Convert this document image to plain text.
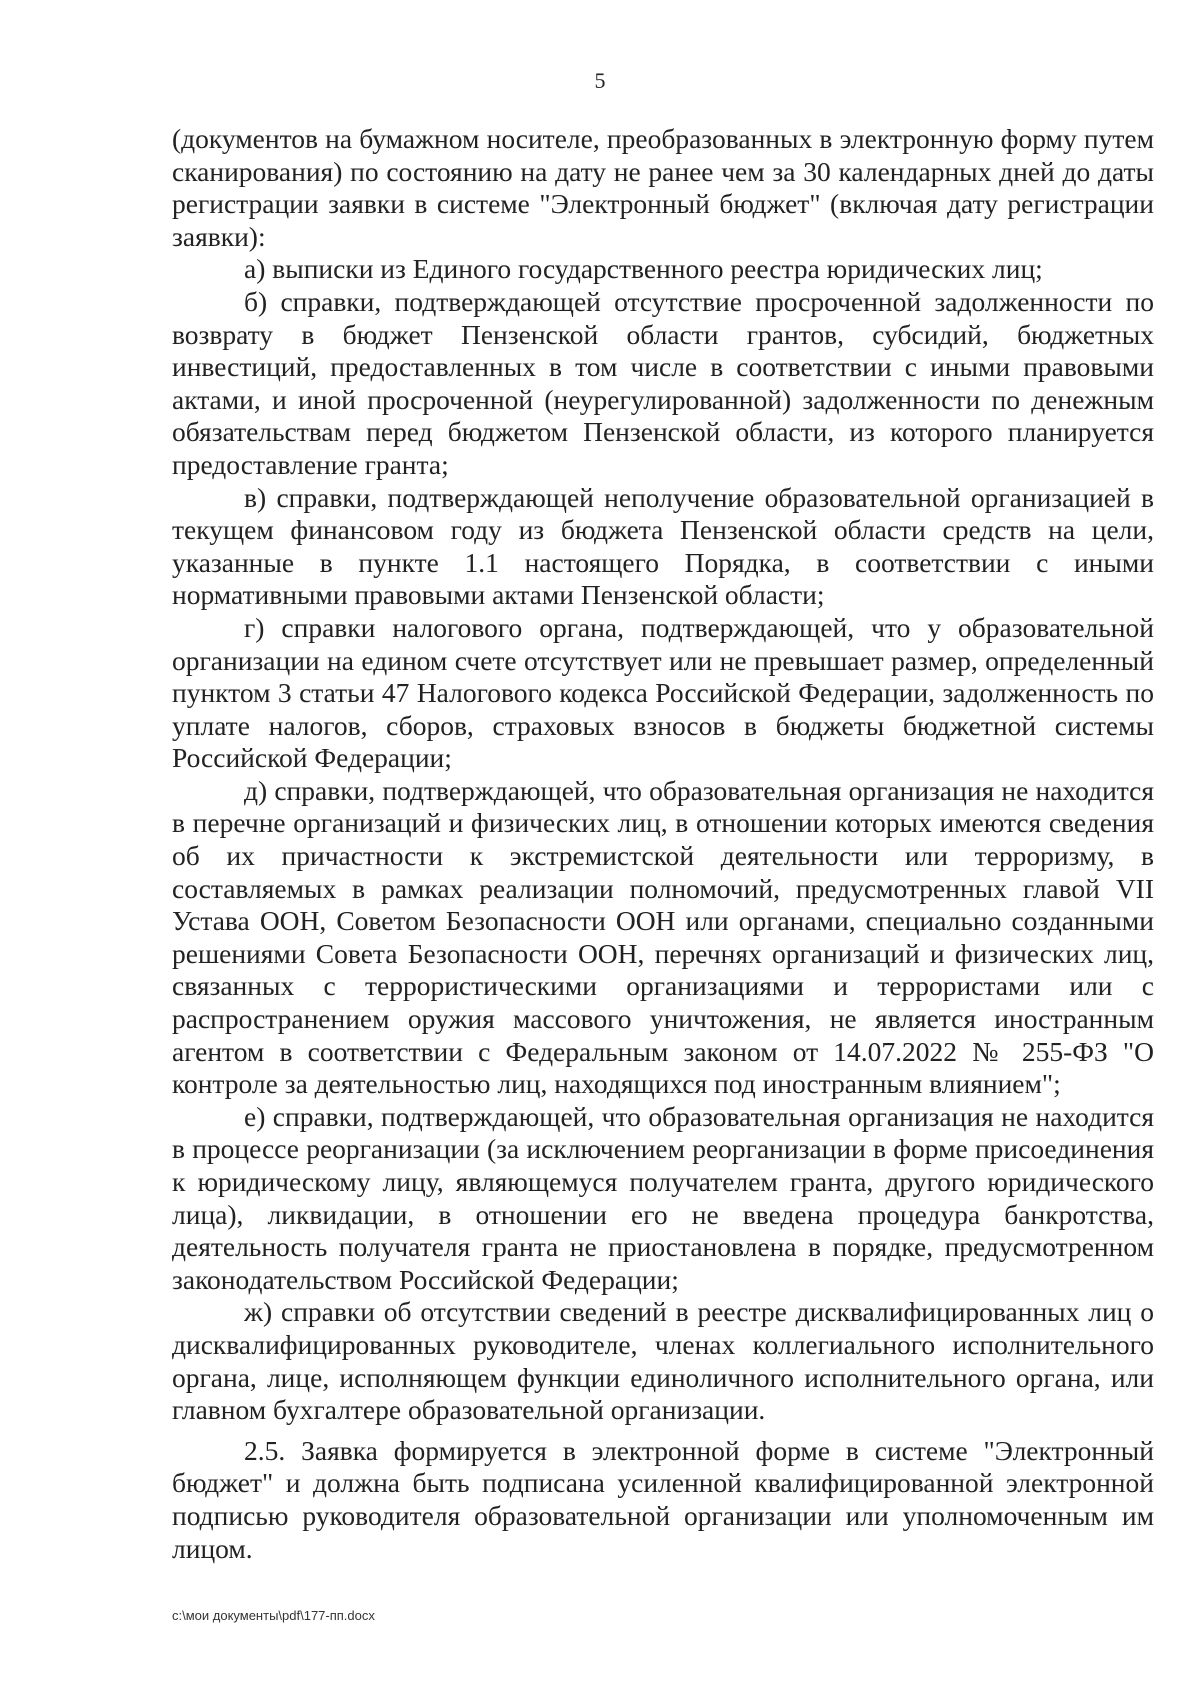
5

(документов на бумажном носителе, преобразованных в электронную форму путем сканирования) по состоянию на дату не ранее чем за 30 календарных дней до даты регистрации заявки в системе "Электронный бюджет" (включая дату регистрации заявки):

а) выписки из Единого государственного реестра юридических лиц;

б) справки, подтверждающей отсутствие просроченной задолженности по возврату в бюджет Пензенской области грантов, субсидий, бюджетных инвестиций, предоставленных в том числе в соответствии с иными правовыми актами, и иной просроченной (неурегулированной) задолженности по денежным обязательствам перед бюджетом Пензенской области, из которого планируется предоставление гранта;

в) справки, подтверждающей неполучение образовательной организацией в текущем финансовом году из бюджета Пензенской области средств на цели, указанные в пункте 1.1 настоящего Порядка, в соответствии с иными нормативными правовыми актами Пензенской области;

г) справки налогового органа, подтверждающей, что у образовательной организации на едином счете отсутствует или не превышает размер, определенный пунктом 3 статьи 47 Налогового кодекса Российской Федерации, задолженность по уплате налогов, сборов, страховых взносов в бюджеты бюджетной системы Российской Федерации;

д) справки, подтверждающей, что образовательная организация не находится в перечне организаций и физических лиц, в отношении которых имеются сведения об их причастности к экстремистской деятельности или терроризму, в составляемых в рамках реализации полномочий, предусмотренных главой VII Устава ООН, Советом Безопасности ООН или органами, специально созданными решениями Совета Безопасности ООН, перечнях организаций и физических лиц, связанных с террористическими организациями и террористами или с распространением оружия массового уничтожения, не является иностранным агентом в соответствии с Федеральным законом от 14.07.2022 № 255-ФЗ "О контроле за деятельностью лиц, находящихся под иностранным влиянием";

е) справки, подтверждающей, что образовательная организация не находится в процессе реорганизации (за исключением реорганизации в форме присоединения к юридическому лицу, являющемуся получателем гранта, другого юридического лица), ликвидации, в отношении его не введена процедура банкротства, деятельность получателя гранта не приостановлена в порядке, предусмотренном законодательством Российской Федерации;

ж) справки об отсутствии сведений в реестре дисквалифицированных лиц о дисквалифицированных руководителе, членах коллегиального исполнительного органа, лице, исполняющем функции единоличного исполнительного органа, или главном бухгалтере образовательной организации.

2.5. Заявка формируется в электронной форме в системе "Электронный бюджет" и должна быть подписана усиленной квалифицированной электронной подписью руководителя образовательной организации или уполномоченным им лицом.

c:\мои документы\pdf\177-пп.docx
